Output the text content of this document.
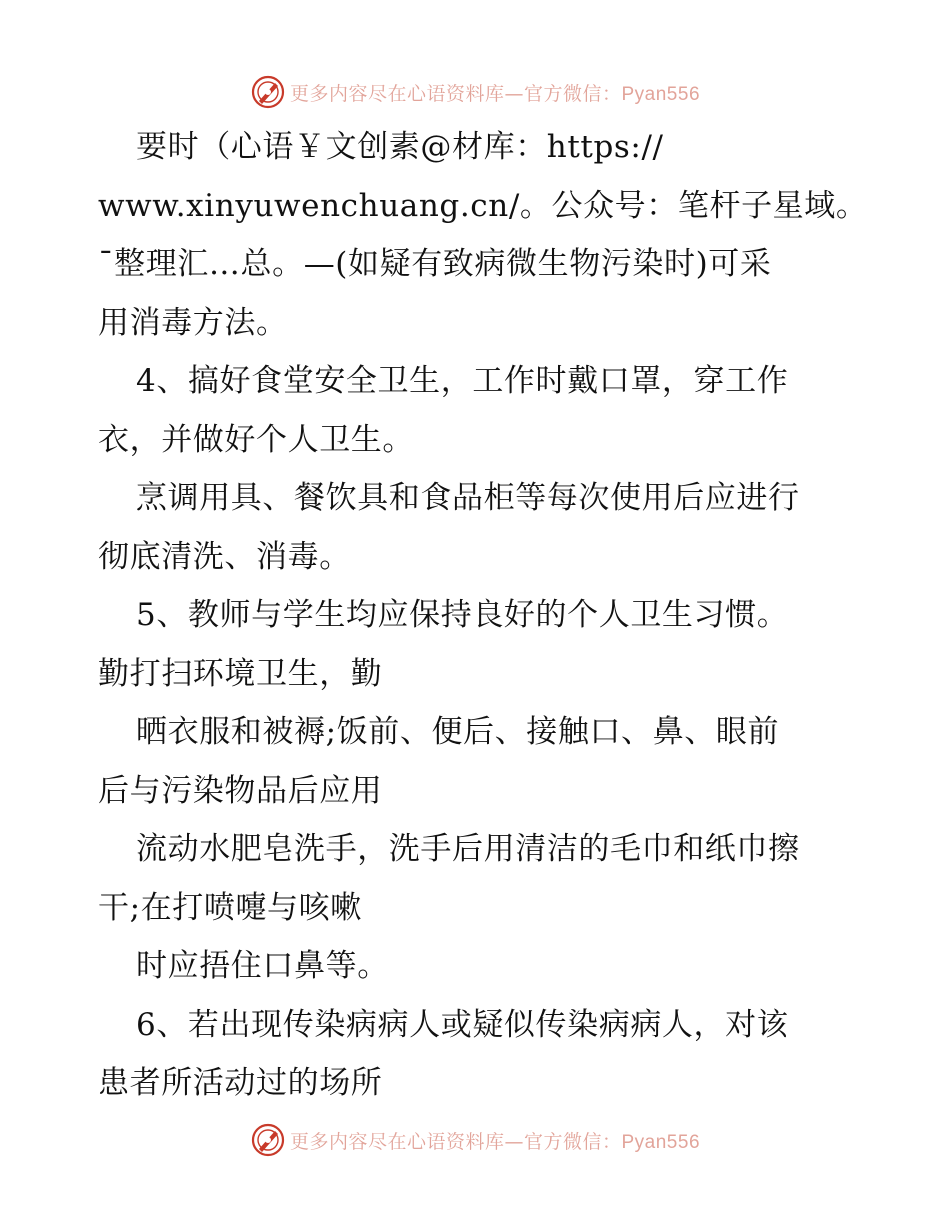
更多内容尽在心语资料库—官方微信：Pyan556
要时（心语￥文创素@材库：https://
www.xinyuwenchuang.cn/。公众号：笔杆子星域。
¯整理汇…总。—(如疑有致病微生物污染时)可采
用消毒方法。
4、搞好食堂安全卫生，工作时戴口罩，穿工作
衣，并做好个人卫生。
烹调用具、餐饮具和食品柜等每次使用后应进行
彻底清洗、消毒。
5、教师与学生均应保持良好的个人卫生习惯。
勤打扫环境卫生，勤
晒衣服和被褥;饭前、便后、接触口、鼻、眼前
后与污染物品后应用
流动水肥皂洗手，洗手后用清洁的毛巾和纸巾擦
干;在打喷嚏与咳嗽
时应捂住口鼻等。
6、若出现传染病病人或疑似传染病病人，对该
患者所活动过的场所
更多内容尽在心语资料库—官方微信：Pyan556
